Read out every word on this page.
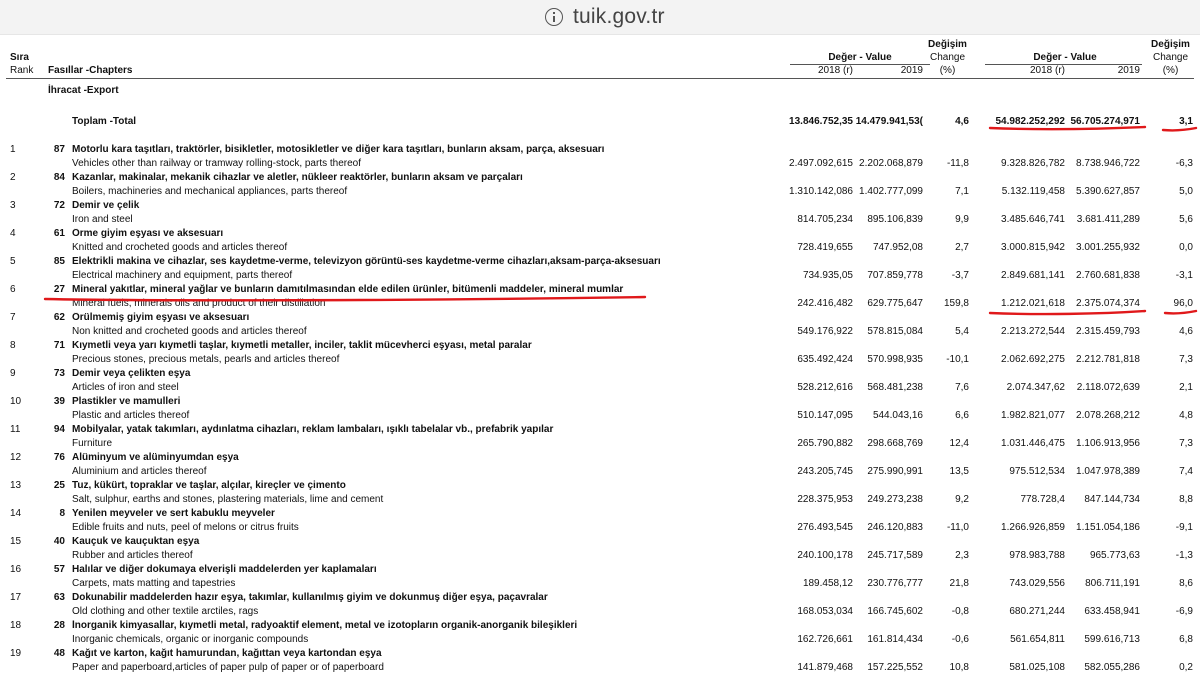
tuik.gov.tr
Sıra
Rank Fasıllar -Chapters
Değer - Value
2018 (r)	2019
Değişim
Change
(%)
Değer - Value
2018 (r)	2019
Değişim
Change
(%)
İhracat -Export
Toplam -Total	13.846.752,35 14.479.941,53(	4,6	54.982.252,292 56.705.274,971	3,1
1	87 Motorlu kara taşıtları, traktörler, bisikletler, motosikletler ve diğer kara taşıtları, bunların aksam, parça, aksesuarı
Vehicles other than railway or tramway rolling-stock, parts thereof	2.497.092,615 2.202.068,879	-11,8	9.328.826,782	8.738.946,722	-6,3
2	84 Kazanlar, makinalar, mekanik cihazlar ve aletler, nükleer reaktörler, bunların aksam ve parçaları
Boilers, machineries and mechanical appliances, parts thereof	1.310.142,086 1.402.777,099	7,1	5.132.119,458	5.390.627,857	5,0
3	72 Demir ve çelik
Iron and steel	814.705,234	895.106,839	9,9	3.485.646,741	3.681.411,289	5,6
4	61 Örme giyim eşyası ve aksesuarı
Knitted and crocheted goods and articles thereof	728.419,655	747.952,08	2,7	3.000.815,942	3.001.255,932	0,0
5	85 Elektrikli makina ve cihazlar, ses kaydetme-verme, televizyon görüntü-ses kaydetme-verme cihazları,aksam-parça-aksesuarı
Electrical machinery and equipment, parts thereof	734.935,05	707.859,778	-3,7	2.849.681,141	2.760.681,838	-3,1
6	27 Mineral yakıtlar, mineral yağlar ve bunların damıtılmasından elde edilen ürünler, bitümenli maddeler, mineral mumlar
Mineral fuels, minerals oils and product of their distillation	242.416,482	629.775,647	159,8	1.212.021,618	2.375.074,374	96,0
7	62 Örülmemiş giyim eşyası ve aksesuarı
Non knitted and crocheted goods and articles thereof	549.176,922	578.815,084	5,4	2.213.272,544	2.315.459,793	4,6
8	71 Kıymetli veya yarı kıymetli taşlar, kıymetli metaller, inciler, taklit mücevherci eşyası, metal paralar
Precious stones, precious metals, pearls and articles thereof	635.492,424	570.998,935	-10,1	2.062.692,275	2.212.781,818	7,3
9	73 Demir veya çelikten eşya
Articles of iron and steel	528.212,616	568.481,238	7,6	2.074.347,62	2.118.072,639	2,1
10	39 Plastikler ve mamulleri
Plastic and articles thereof	510.147,095	544.043,16	6,6	1.982.821,077	2.078.268,212	4,8
11	94 Mobilyalar, yatak takımları, aydınlatma cihazları, reklam lambaları, ışıklı tabelalar vb., prefabrik yapılar
Furniture	265.790,882	298.668,769	12,4	1.031.446,475	1.106.913,956	7,3
12	76 Alüminyum ve alüminyumdan eşya
Aluminium and articles thereof	243.205,745	275.990,991	13,5	975.512,534	1.047.978,389	7,4
13	25 Tuz, kükürt, topraklar ve taşlar, alçılar, kireçler ve çimento
Salt, sulphur, earths and stones, plastering materials, lime and cement	228.375,953	249.273,238	9,2	778.728,4	847.144,734	8,8
14	8 Yenilen meyveler ve sert kabuklu meyveler
Edible fruits and nuts, peel of melons or citrus fruits	276.493,545	246.120,883	-11,0	1.266.926,859	1.151.054,186	-9,1
15	40 Kauçuk ve kauçuktan eşya
Rubber and articles thereof	240.100,178	245.717,589	2,3	978.983,788	965.773,63	-1,3
16	57 Halılar ve diğer dokumaya elverişli maddelerden yer kaplamaları
Carpets, mats matting and tapestries	189.458,12	230.776,777	21,8	743.029,556	806.711,191	8,6
17	63 Dokunabilir maddelerden hazır eşya, takımlar, kullanılmış giyim ve dokunmuş diğer eşya, paçavralar
Old clothing and other textile arctiles, rags	168.053,034	166.745,602	-0,8	680.271,244	633.458,941	-6,9
18	28 İnorganik kimyasallar, kıymetli metal, radyoaktif element, metal ve izotopların organik-anorganik bileşikleri
Inorganic chemicals, organic or inorganic compounds	162.726,661	161.814,434	-0,6	561.654,811	599.616,713	6,8
19	48 Kağıt ve karton, kağıt hamurundan, kağıttan veya kartondan eşya
Paper and paperboard,articles of paper pulp of paper or of paperboard	141.879,468	157.225,552	10,8	581.025,108	582.055,286	0,2
